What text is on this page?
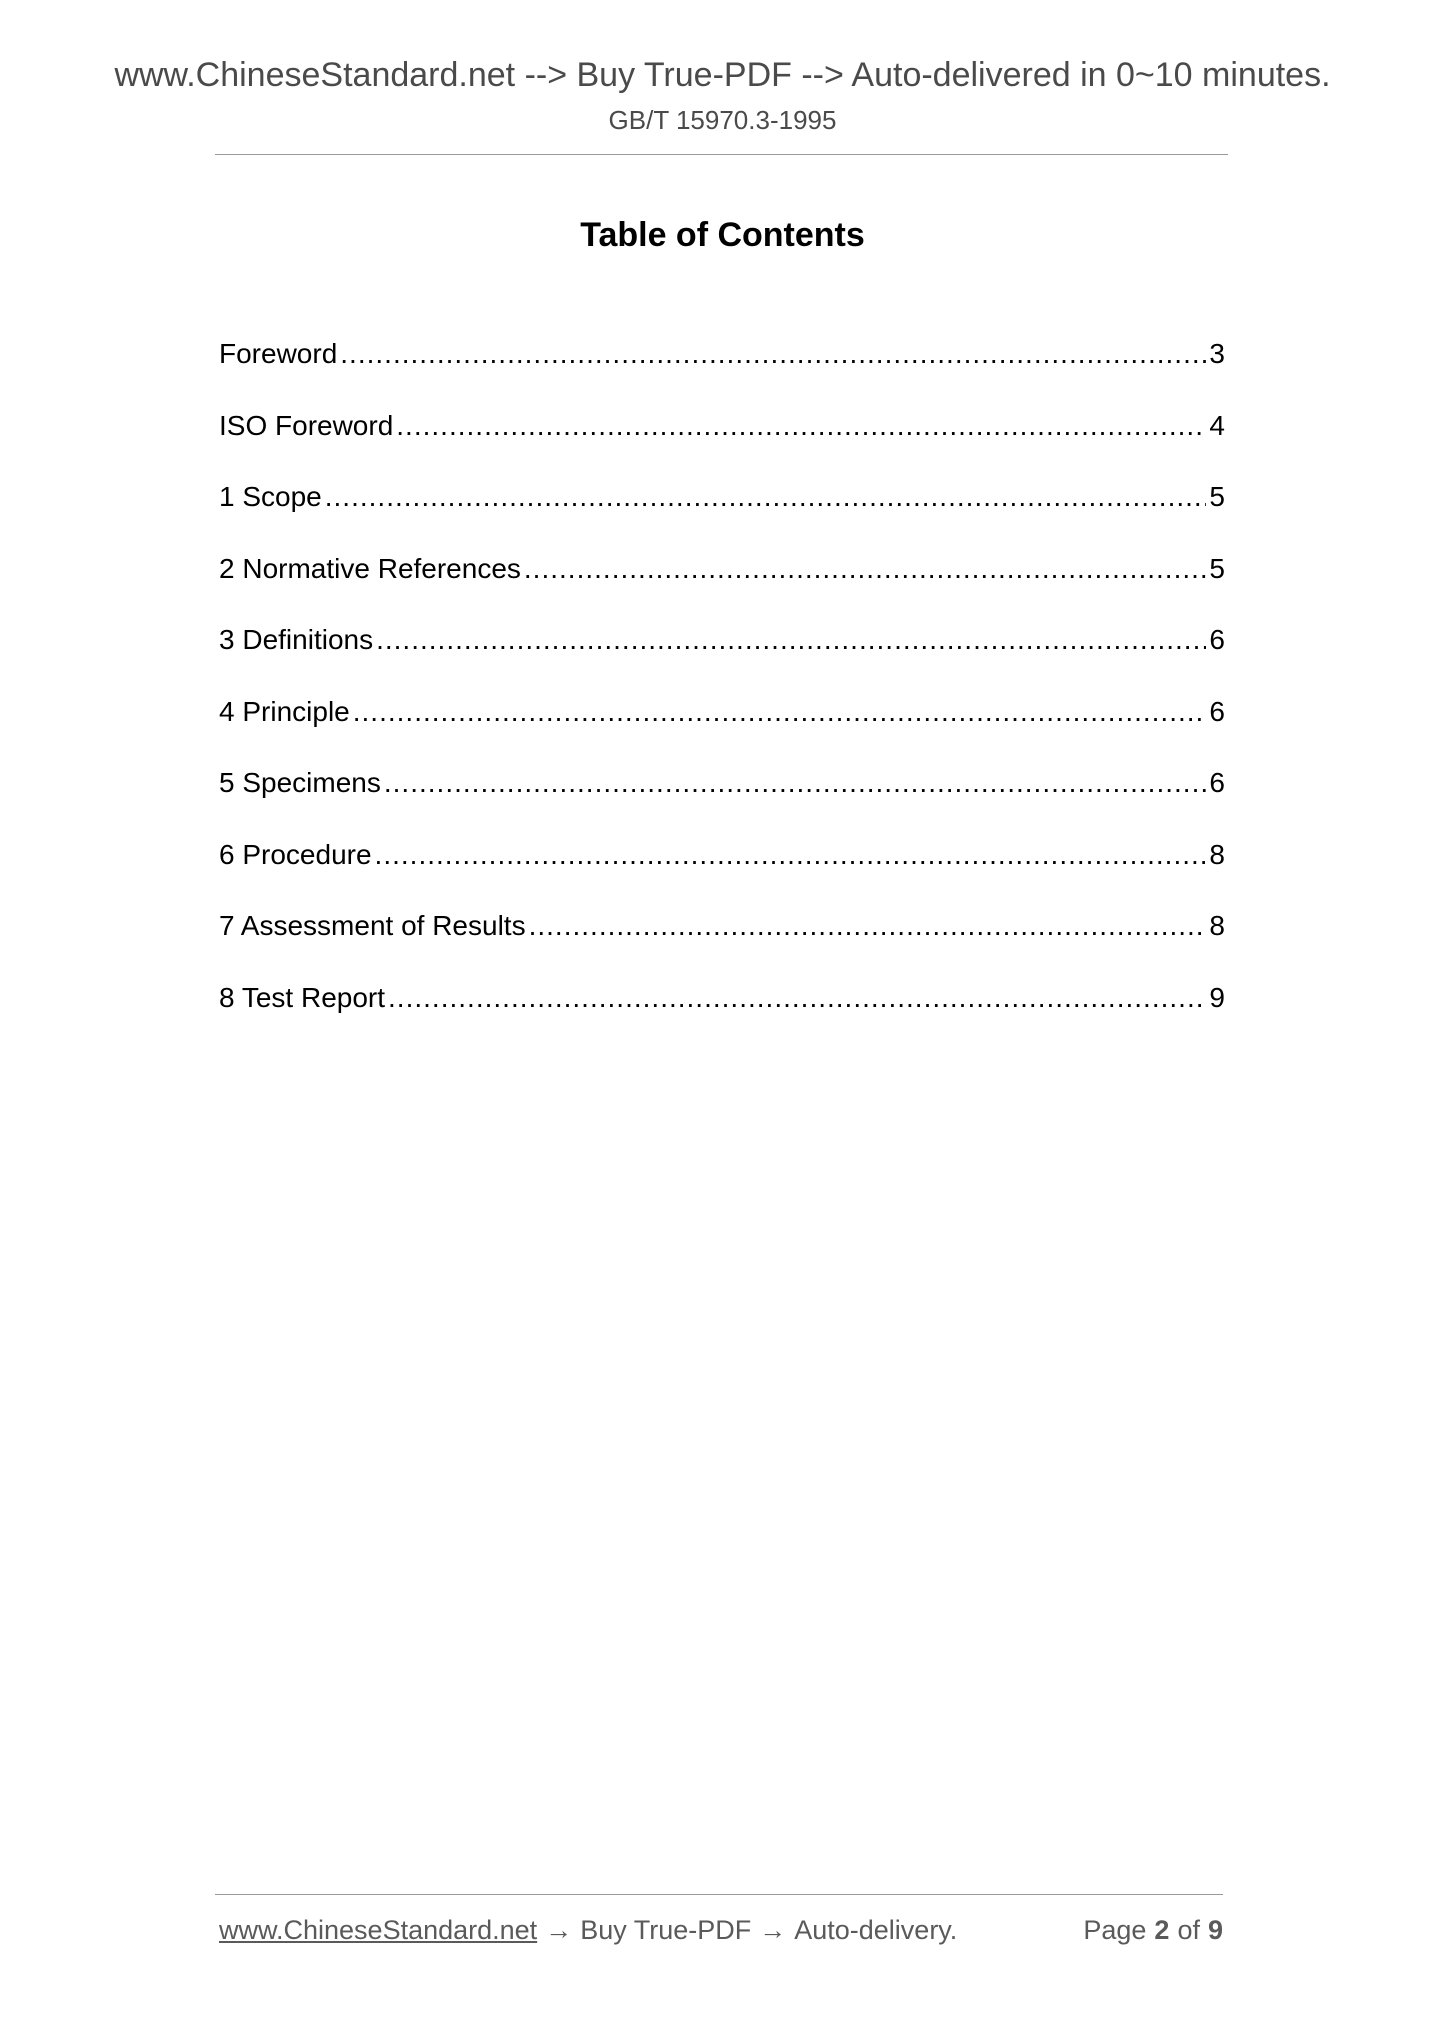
www.ChineseStandard.net --> Buy True-PDF --> Auto-delivered in 0~10 minutes.
GB/T 15970.3-1995
Table of Contents
Foreword .....	3
ISO Foreword .....	4
1 Scope .....	5
2 Normative References .....	5
3 Definitions .....	6
4 Principle .....	6
5 Specimens .....	6
6 Procedure .....	8
7 Assessment of Results .....	8
8 Test Report .....	9
www.ChineseStandard.net → Buy True-PDF → Auto-delivery.	Page 2 of 9
